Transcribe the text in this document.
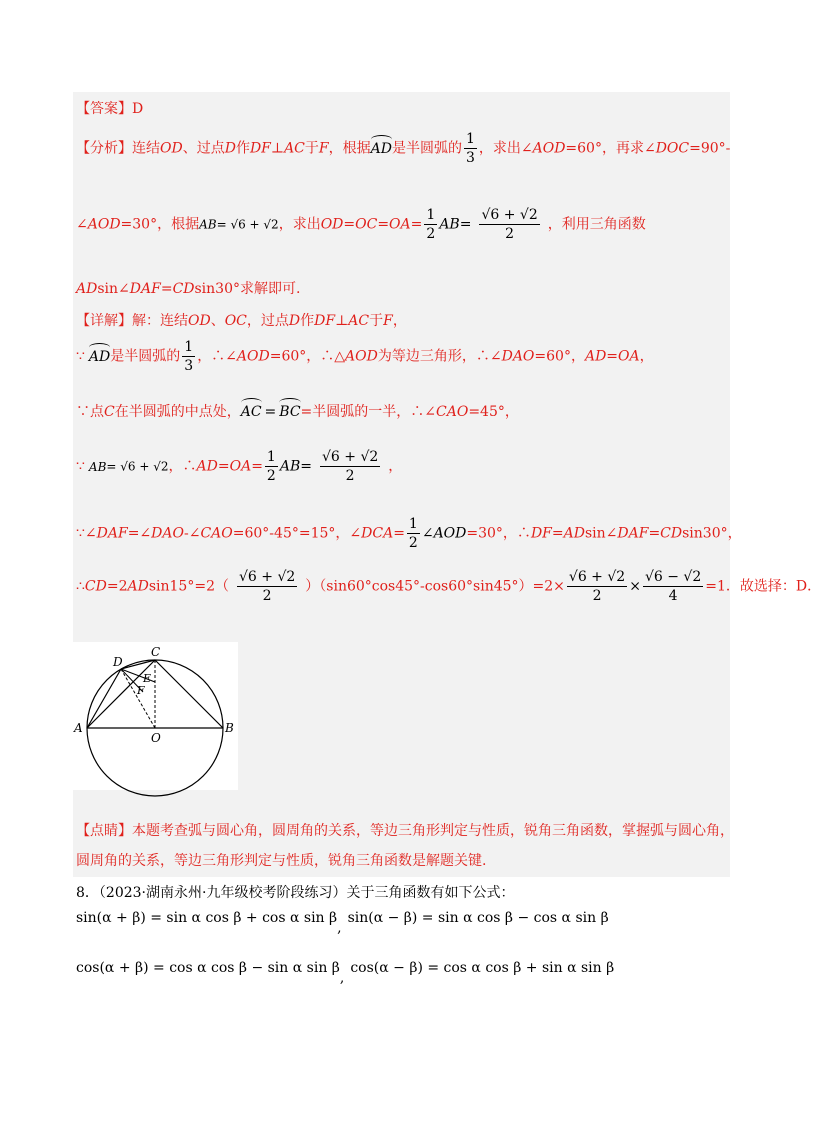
【答案】D
【分析】连结OD、过点D作DF⊥AC于F，根据AD是半圆弧的 $\frac{1}{3}$ ，求出∠AOD=60°，再求∠DOC=90°-
∠AOD=30°，根据AB= √6 + √2，求出$OD=OC=OA= \frac{1}{2} AB= \frac{√6 + √2}{2}$ ，利用三角函数
ADsin∠DAF=CDsin30°求解即可.
【详解】解：连结OD、OC，过点D作DF⊥AC于F，
∵ AD是半圆弧的 $\frac{1}{3}$ ，∴∠AOD=60°，∴△AOD为等边三角形，∴∠DAO=60°，AD=OA，
∵点C在半圆弧的中点处，AC = BC=半圆弧的一半，∴∠CAO=45°，
∵ AB= √6 + √2，∴AD=OA= $\frac{1}{2} AB= \frac{√6 + √2}{2}$ ，
∵∠DAF=∠DAO-∠CAO=60°-45°=15°，∠DCA= $\frac{1}{2}$ ∠AOD=30°，∴DF=ADsin∠DAF=CDsin30°，
∴CD=2ADsin15°=2（ $\frac{√6 + √2}{2} )(\sin 60^\circ\cos 45^\circ-\cos 60^\circ\sin 45^\circ)=2\times \frac{√6 + √2}{2} \times \frac{√6 - √2}{4} =1$．故选择：D．
D
C
E
F
A
O
B
【点睛】本题考查弧与圆心角，圆周角的关系，等边三角形判定与性质，锐角三角函数，掌握弧与圆心角，
圆周角的关系，等边三角形判定与性质，锐角三角函数是解题关键.
8．（2023·湖南永州·九年级校考阶段练习）关于三角函数有如下公式：
sin(α + β) = sin α cos β + cos α sin β,sin(α − β) = sin α cos β − cos α sin β
cos(α + β) = cos α cos β − sin α sin β,cos(α − β) = cos α cos β + sin α sin β
